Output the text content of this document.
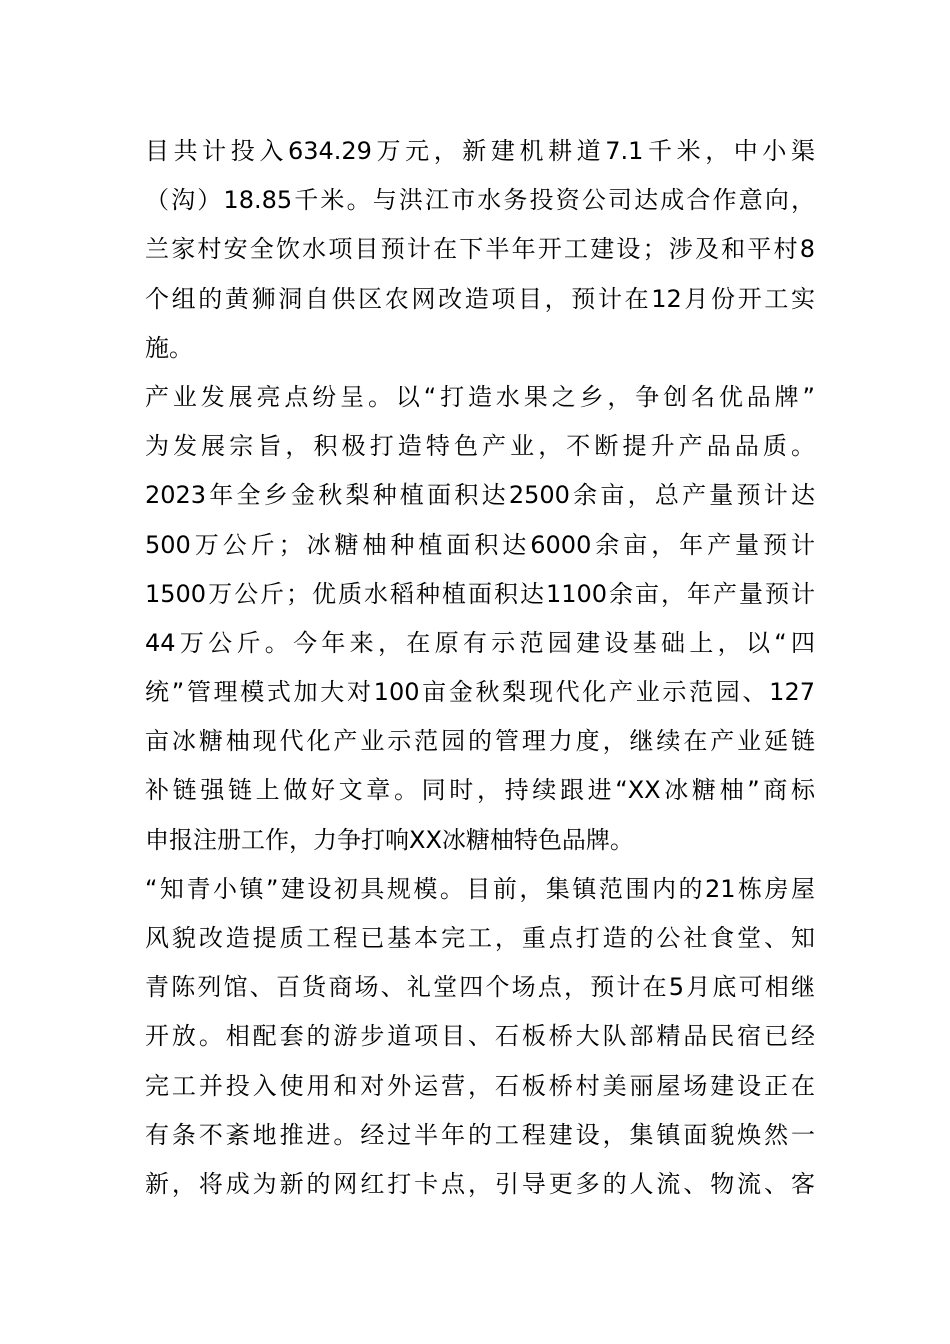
目共计投入634.29万元，新建机耕道7.1千米，中小渠
（沟）18.85千米。与洪江市水务投资公司达成合作意向，
兰家村安全饮水项目预计在下半年开工建设；涉及和平村8
个组的黄狮洞自供区农网改造项目，预计在12月份开工实
施。
产业发展亮点纷呈。以“打造水果之乡，争创名优品牌”
为发展宗旨，积极打造特色产业，不断提升产品品质。
2023年全乡金秋梨种植面积达2500余亩，总产量预计达
500万公斤；冰糖柚种植面积达6000余亩，年产量预计
1500万公斤；优质水稻种植面积达1100余亩，年产量预计
44万公斤。今年来，在原有示范园建设基础上，以“四
统”管理模式加大对100亩金秋梨现代化产业示范园、127
亩冰糖柚现代化产业示范园的管理力度，继续在产业延链
补链强链上做好文章。同时，持续跟进“XX冰糖柚”商标
申报注册工作，力争打响XX冰糖柚特色品牌。
“知青小镇”建设初具规模。目前，集镇范围内的21栋房屋
风貌改造提质工程已基本完工，重点打造的公社食堂、知
青陈列馆、百货商场、礼堂四个场点，预计在5月底可相继
开放。相配套的游步道项目、石板桥大队部精品民宿已经
完工并投入使用和对外运营，石板桥村美丽屋场建设正在
有条不紊地推进。经过半年的工程建设，集镇面貌焕然一
新，将成为新的网红打卡点，引导更多的人流、物流、客
